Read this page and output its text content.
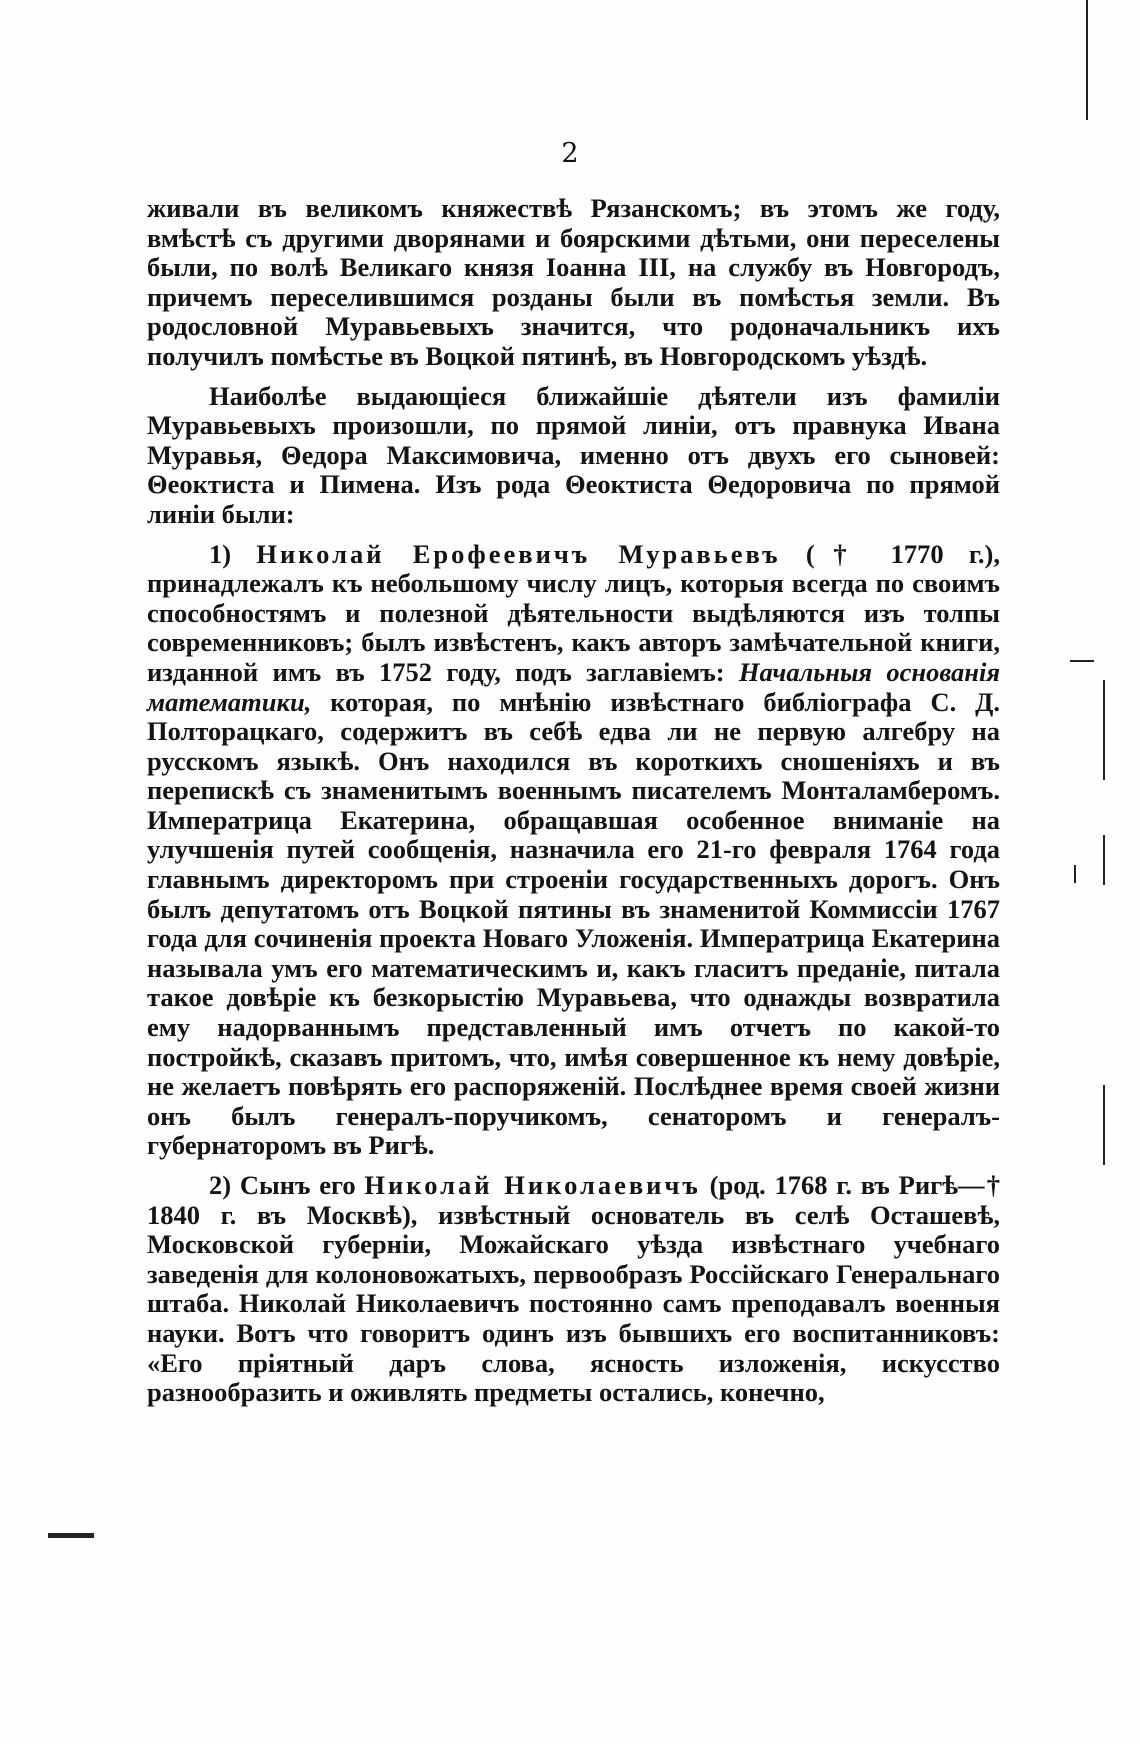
2

живали въ великомъ княжествѣ Рязанскомъ; въ этомъ же году, вмѣстѣ съ другими дворянами и боярскими дѣтьми, они переселены были, по волѣ Великаго князя Іоанна III, на службу въ Новгородъ, причемъ переселившимся розданы были въ помѣстья земли. Въ родословной Муравьевыхъ значится, что родоначальникъ ихъ получилъ помѣстье въ Воцкой пятинѣ, въ Новгородскомъ уѣздѣ.

Наиболѣе выдающіеся ближайшіе дѣятели изъ фамиліи Муравьевыхъ произошли, по прямой линіи, отъ правнука Ивана Муравья, Θедора Максимовича, именно отъ двухъ его сыновей: Θеоктиста и Пимена. Изъ рода Θеоктиста Θедоровича по прямой линіи были:

1) Николай Ерофеевичъ Муравьевъ († 1770 г.), принадлежалъ къ небольшому числу лицъ, которыя всегда по своимъ способностямъ и полезной дѣятельности выдѣляются изъ толпы современниковъ; былъ извѣстенъ, какъ авторъ замѣчательной книги, изданной имъ въ 1752 году, подъ заглавіемъ: Начальныя основанія математики, которая, по мнѣнію извѣстнаго библіографа С. Д. Полторацкаго, содержитъ въ себѣ едва ли не первую алгебру на русскомъ языкѣ. Онъ находился въ короткихъ сношеніяхъ и въ перепискѣ съ знаменитымъ военнымъ писателемъ Монталамберомъ. Императрица Екатерина, обращавшая особенное вниманіе на улучшенія путей сообщенія, назначила его 21-го февраля 1764 года главнымъ директоромъ при строеніи государственныхъ дорогъ. Онъ былъ депутатомъ отъ Воцкой пятины въ знаменитой Коммиссіи 1767 года для сочиненія проекта Новаго Уложенія. Императрица Екатерина называла умъ его математическимъ и, какъ гласитъ преданіе, питала такое довѣріе къ безкорыстію Муравьева, что однажды возвратила ему надорваннымъ представленный имъ отчетъ по какой-то постройкѣ, сказавъ притомъ, что, имѣя совершенное къ нему довѣріе, не желаетъ повѣрять его распоряженій. Послѣднее время своей жизни онъ былъ генералъ-поручикомъ, сенаторомъ и генералъ-губернаторомъ въ Ригѣ.

2) Сынъ его Николай Николаевичъ (род. 1768 г. въ Ригѣ—† 1840 г. въ Москвѣ), извѣстный основатель въ селѣ Осташевѣ, Московской губерніи, Можайскаго уѣзда извѣстнаго учебнаго заведенія для колоновожатыхъ, первообразъ Россійскаго Генеральнаго штаба. Николай Николаевичъ постоянно самъ преподавалъ военныя науки. Вотъ что говоритъ одинъ изъ бывшихъ его воспитанниковъ: «Его пріятный даръ слова, ясность изложенія, искусство разнообразить и оживлять предметы остались, конечно,
